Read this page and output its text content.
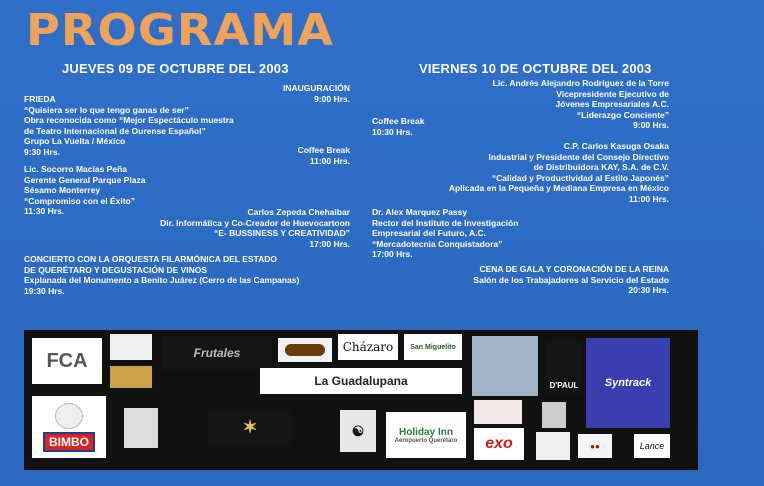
PROGRAMA
JUEVES 09 DE OCTUBRE DEL 2003
INAUGURACIÓN
9:00 Hrs.
FRIEDA
“Quisiera ser lo que tengo ganas de ser”
Obra reconocida como “Mejor Espectáculo muestra
de Teatro Internacional de Ourense Español”
Grupo La Vuelta / México
9:30 Hrs.	Coffee Break
11:00 Hrs.
Lic. Socorro Macías Peña
Gerente General Parque Plaza
Sésamo Monterrey
“Compromiso con el Éxito”
11:30 Hrs.	Carlos Zepeda Chehaibar
Dir. Informática y Co-Creador de Huevocartoon
“E- BUSSINESS Y CREATIVIDAD”
17:00 Hrs.
CONCIERTO CON LA ORQUESTA FILARMÓNICA DEL ESTADO
DE QUERÉTARO Y DEGUSTACIÓN DE VINOS
Explanada del Monumento a Benito Juárez (Cerro de las Campanas)
19:30 Hrs.
VIERNES 10 DE OCTUBRE DEL 2003
Lic. Andrés Alejandro Rodríguez de la Torre
Vicepresidente Ejecutivo de
Jóvenes Empresariales A.C.
“Liderazgo Conciente”
9:00 Hrs.
Coffee Break
10:30 Hrs.
C.P. Carlos Kasuga Osaka
Industrial y Presidente del Consejo Directivo
de Distribuidora KAY, S.A. de C.V.
“Calidad y Productividad al Estilo Japonés”
Aplicada en la Pequeña y Mediana Empresa en México
11:00 Hrs.
Dr. Alex Marquez Passy
Rector del Instituto de Investigación
Empresarial del Futuro, A.C.
“Mercadotecnia Conquistadora”
17:00 Hrs.
CENA DE GALA Y CORONACIÓN DE LA REINA
Salón de los Trabajadores al Servicio del Estado
20:30 Hrs.
FCA	Frutales	Cházaro San Miguelito
La Guadalupana	D'PAUL Syntrack
BIMBO
✶	☯	Holiday Inn
Aeropuerto Querétaro exo	●●	Lance
